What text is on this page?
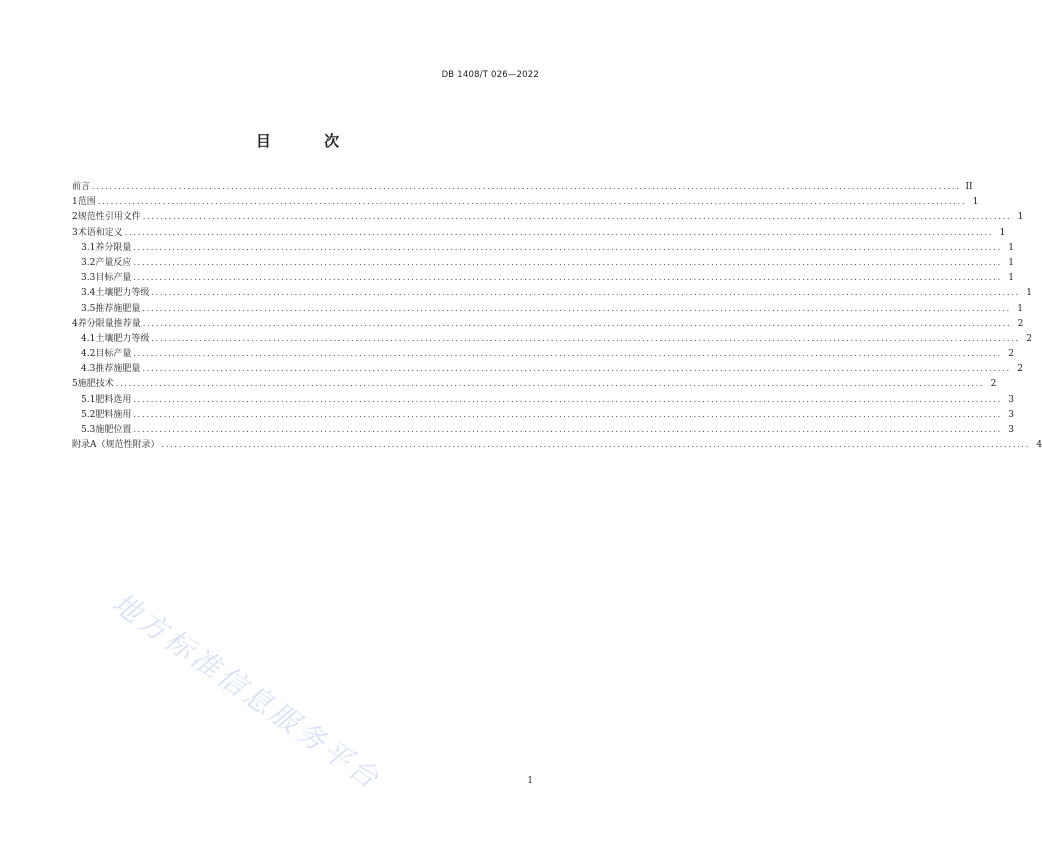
DB 1408/T 026—2022
目 次
前言 ........................................................................................................................................................................................................ II
1 范围 ........................................................................................................................................................................................................ 1
2 规范性引用文件 ........................................................................................................................................................................................................ 1
3 术语和定义 ........................................................................................................................................................................................................ 1
3.1 养分限量 ........................................................................................................................................................................................................ 1
3.2 产量反应 ........................................................................................................................................................................................................ 1
3.3 目标产量 ........................................................................................................................................................................................................ 1
3.4 土壤肥力等级 ........................................................................................................................................................................................................ 1
3.5 推荐施肥量 ........................................................................................................................................................................................................ 1
4 养分限量推荐量 ........................................................................................................................................................................................................ 2
4.1 土壤肥力等级 ........................................................................................................................................................................................................ 2
4.2 目标产量 ........................................................................................................................................................................................................ 2
4.3 推荐施肥量 ........................................................................................................................................................................................................ 2
5 施肥技术 ........................................................................................................................................................................................................ 2
5.1 肥料选用 ........................................................................................................................................................................................................ 3
5.2 肥料施用 ........................................................................................................................................................................................................ 3
5.3 施肥位置 ........................................................................................................................................................................................................ 3
附录A（规范性附录） ........................................................................................................................................................................................................ 4
地方标准信息服务平台	1
